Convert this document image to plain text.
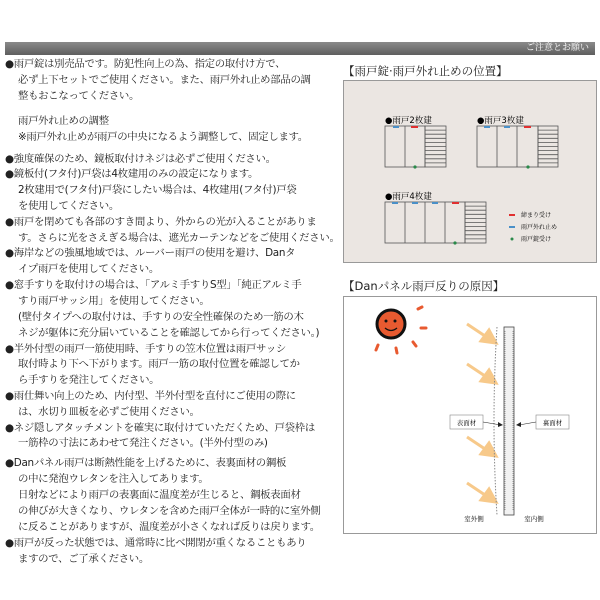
ご注意とお願い
●雨戸錠は別売品です。防犯性向上の為、指定の取付け方で、
必ず上下セットでご使用ください。また、雨戸外れ止め部品の調
整もおこなってください。
雨戸外れ止めの調整
※雨戸外れ止めが雨戸の中央になるよう調整して、固定します。
●強度確保のため、鏡板取付けネジは必ずご使用ください。
●鏡板付(フタ付)戸袋は4枚建用のみの設定になります。
2枚建用で(フタ付)戸袋にしたい場合は、4枚建用(フタ付)戸袋
を使用してください。
●雨戸を閉めても各部のすき間より、外からの光が入ることがありま
す。さらに光をさえぎる場合は、遮光カーテンなどをご使用ください。
●海岸などの強風地域では、ルーバー雨戸の使用を避け、Danタ
イプ雨戸を使用してください。
●窓手すりを取付けの場合は、「アルミ手すりS型」「純正アルミ手
すり雨戸サッシ用」を使用してください。
(壁付タイプへの取付けは、手すりの安全性確保のため一筋の木
ネジが躯体に充分届いていることを確認してから行ってください。)
●半外付型の雨戸一筋使用時、手すりの笠木位置は雨戸サッシ
取付時より下へ下がります。雨戸一筋の取付位置を確認してか
ら手すりを発注してください。
●雨仕舞い向上のため、内付型、半外付型を直付にご使用の際に
は、水切り皿板を必ずご使用ください。
●ネジ隠しアタッチメントを確実に取付けていただくため、戸袋枠は
一筋枠の寸法にあわせて発注ください。(半外付型のみ)
●Danパネル雨戸は断熱性能を上げるために、表裏面材の鋼板
の中に発泡ウレタンを注入してあります。
日射などにより雨戸の表裏面に温度差が生じると、鋼板表面材
の伸びが大きくなり、ウレタンを含めた雨戸全体が一時的に室外側
に反ることがありますが、温度差が小さくなれば反りは戻ります。
●雨戸が反った状態では、通常時に比べ開閉が重くなることもあり
ますので、ご了承ください。
【雨戸錠·雨戸外れ止めの位置】
●雨戸2枚建	●雨戸3枚建
●雨戸4枚建
締まり受け
雨戸外れ止め
雨戸錠受け
【Danパネル雨戸反りの原因】
表面材	裏面材
室外側	室内側
